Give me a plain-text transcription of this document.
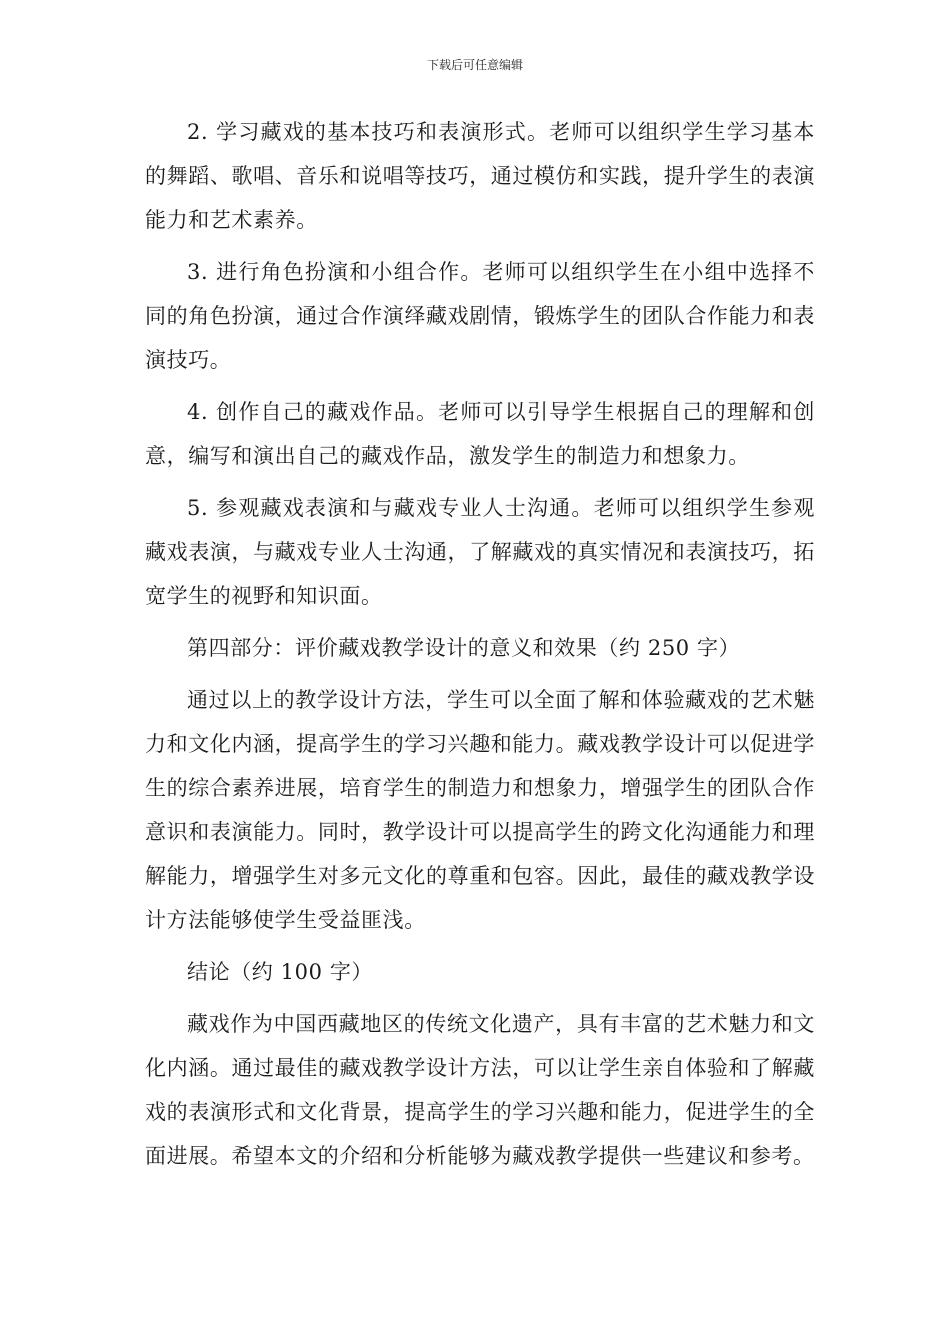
下载后可任意编辑

2. 学习藏戏的基本技巧和表演形式。老师可以组织学生学习基本的舞蹈、歌唱、音乐和说唱等技巧，通过模仿和实践，提升学生的表演能力和艺术素养。

3. 进行角色扮演和小组合作。老师可以组织学生在小组中选择不同的角色扮演，通过合作演绎藏戏剧情，锻炼学生的团队合作能力和表演技巧。

4. 创作自己的藏戏作品。老师可以引导学生根据自己的理解和创意，编写和演出自己的藏戏作品，激发学生的制造力和想象力。

5. 参观藏戏表演和与藏戏专业人士沟通。老师可以组织学生参观藏戏表演，与藏戏专业人士沟通，了解藏戏的真实情况和表演技巧，拓宽学生的视野和知识面。

第四部分：评价藏戏教学设计的意义和效果（约 250 字）

通过以上的教学设计方法，学生可以全面了解和体验藏戏的艺术魅力和文化内涵，提高学生的学习兴趣和能力。藏戏教学设计可以促进学生的综合素养进展，培育学生的制造力和想象力，增强学生的团队合作意识和表演能力。同时，教学设计可以提高学生的跨文化沟通能力和理解能力，增强学生对多元文化的尊重和包容。因此，最佳的藏戏教学设计方法能够使学生受益匪浅。

结论（约 100 字）

藏戏作为中国西藏地区的传统文化遗产，具有丰富的艺术魅力和文化内涵。通过最佳的藏戏教学设计方法，可以让学生亲自体验和了解藏戏的表演形式和文化背景，提高学生的学习兴趣和能力，促进学生的全面进展。希望本文的介绍和分析能够为藏戏教学提供一些建议和参考。
